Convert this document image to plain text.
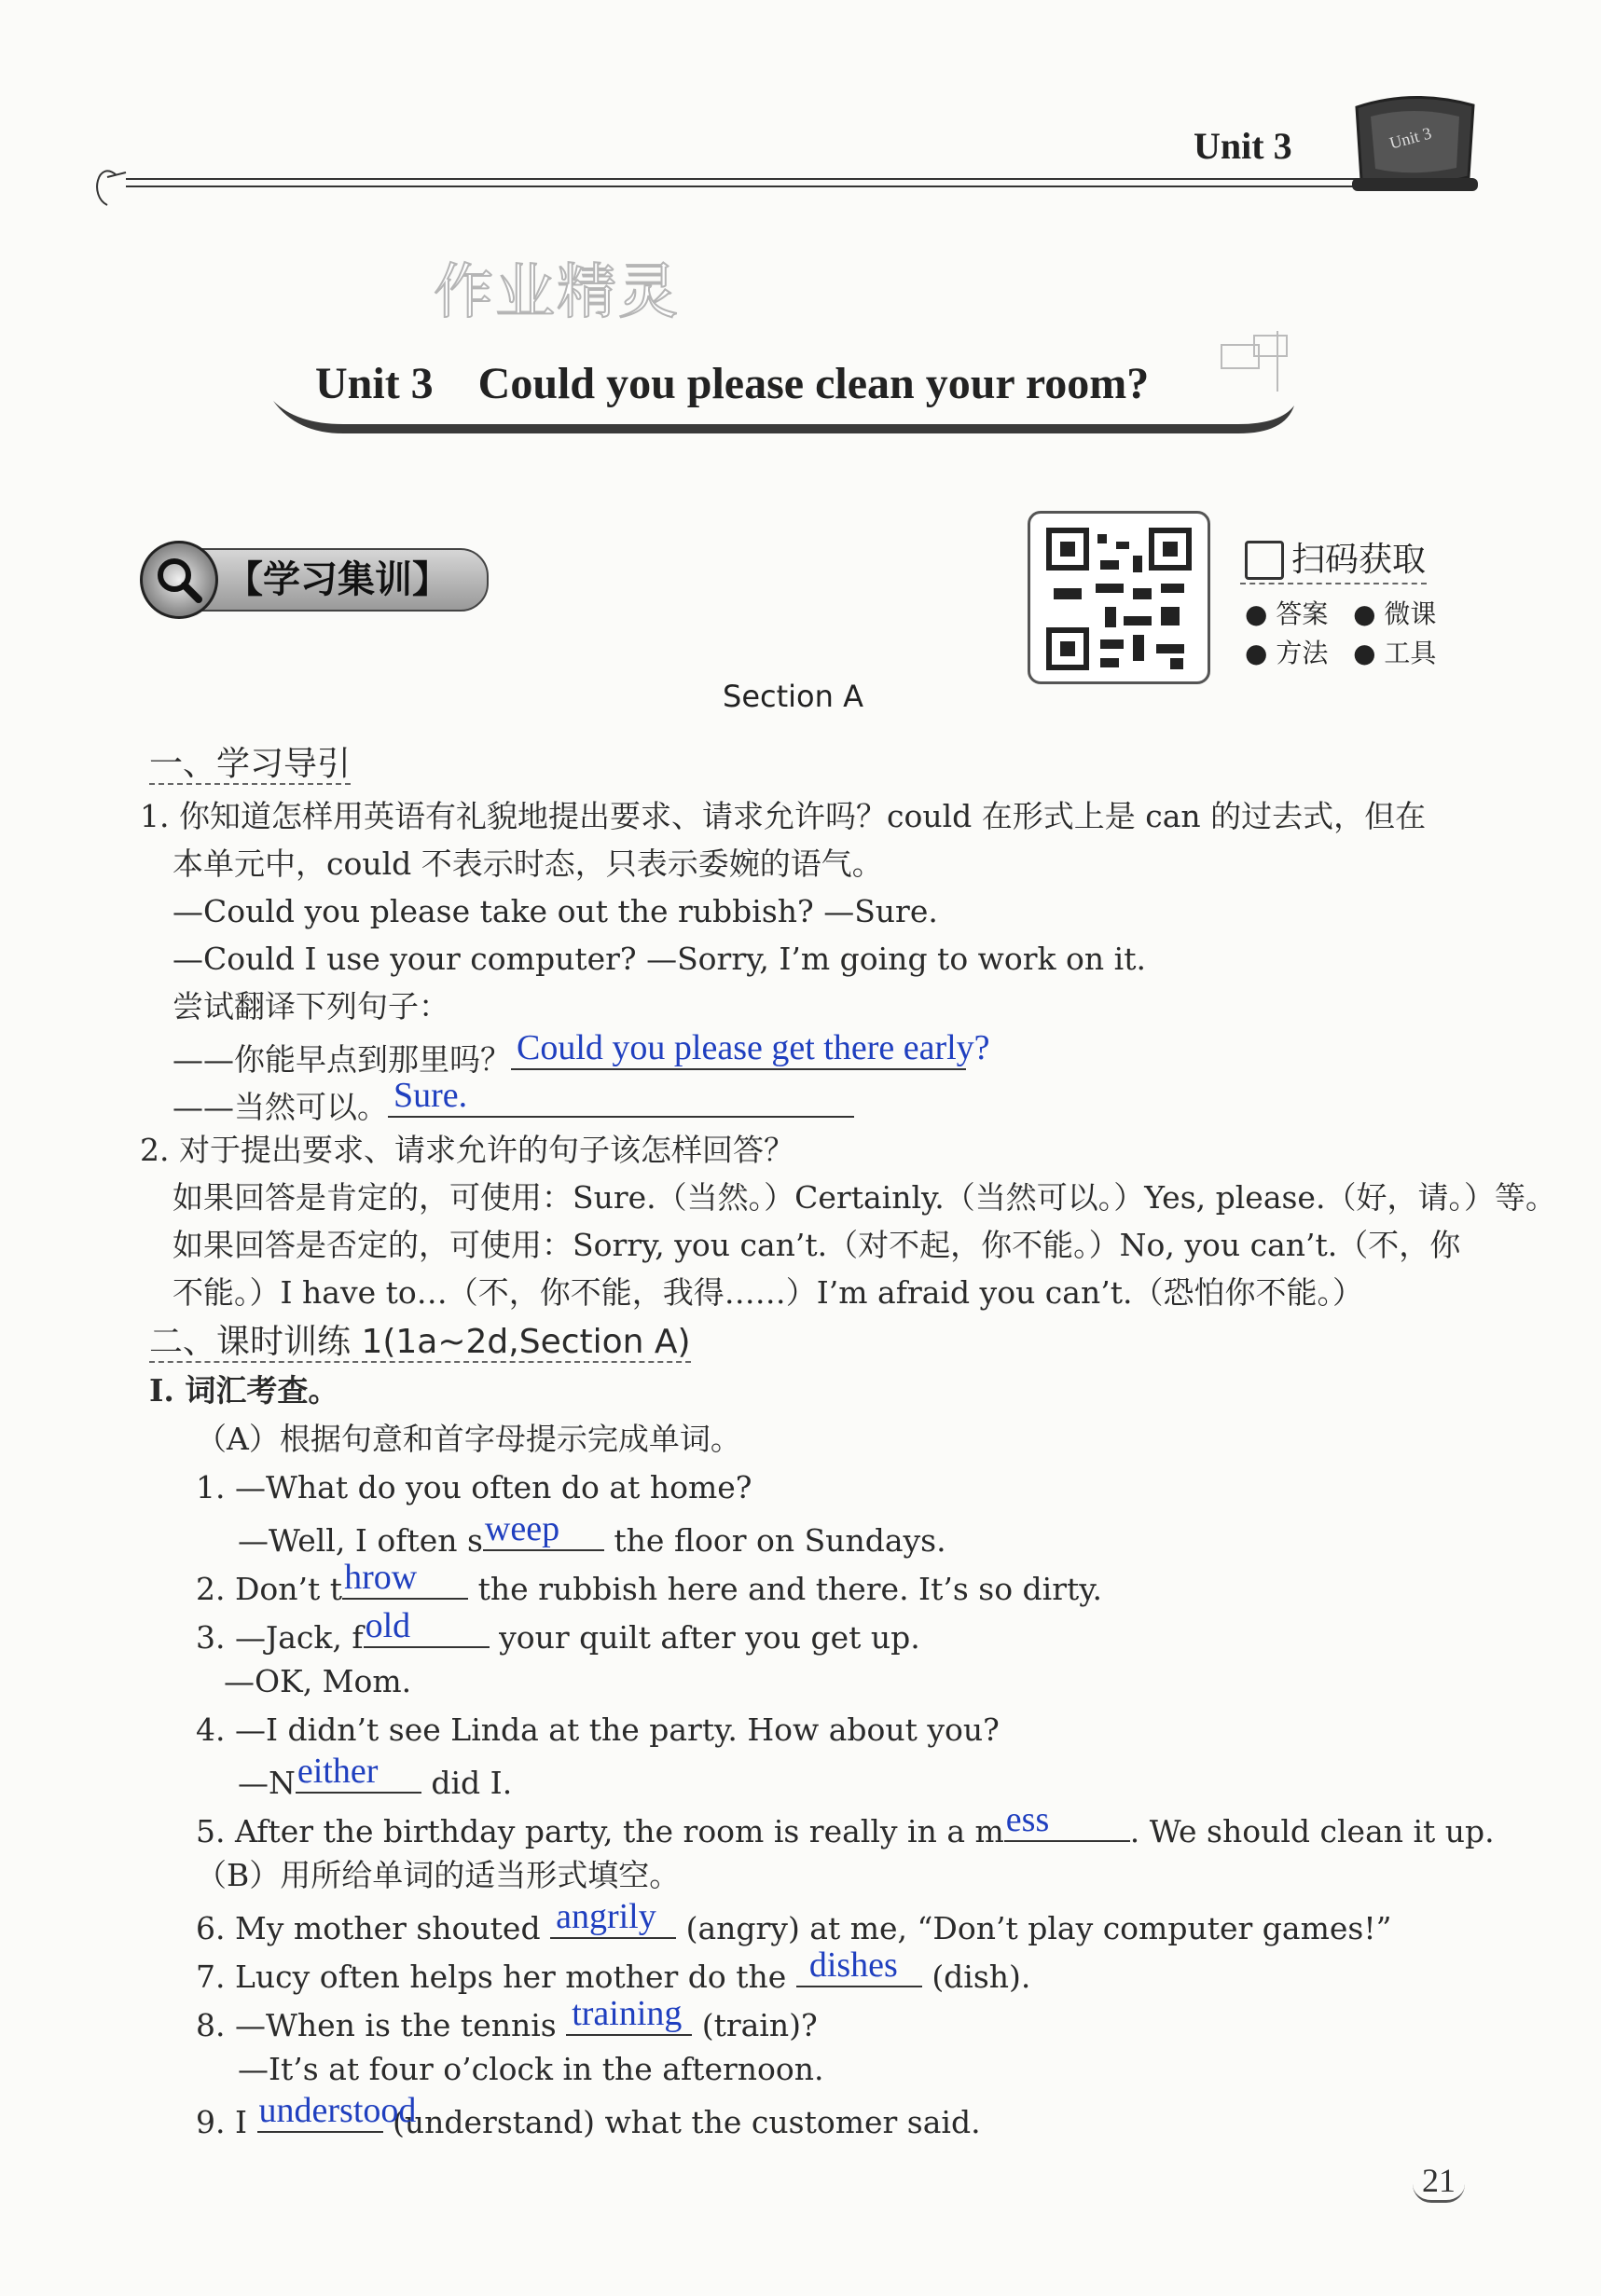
Unit 3	Unit 3
作业精灵
Unit 3    Could you please clean your room?
【学习集训】	扫码获取
● 答案 ● 微课
● 方法 ● 工具
Section A
一、学习导引
1. 你知道怎样用英语有礼貌地提出要求、请求允许吗？could 在形式上是 can 的过去式，但在
本单元中，could 不表示时态，只表示委婉的语气。
—Could you please take out the rubbish? —Sure.
—Could I use your computer? —Sorry, I’m going to work on it.
尝试翻译下列句子：
——你能早点到那里吗？ Could you please get there early?
——当然可以。 Sure.
2. 对于提出要求、请求允许的句子该怎样回答？
如果回答是肯定的，可使用：Sure.（当然。）Certainly.（当然可以。）Yes, please.（好，请。）等。
如果回答是否定的，可使用：Sorry, you can’t.（对不起，你不能。）No, you can’t.（不，你
不能。）I have to…（不，你不能，我得……）I’m afraid you can’t.（恐怕你不能。）
二、课时训练 1(1a~2d,Section A)
Ⅰ. 词汇考查。
（A）根据句意和首字母提示完成单词。
1. —What do you often do at home?
—Well, I often s weep the floor on Sundays.
2. Don’t t hrow the rubbish here and there. It’s so dirty.
3. —Jack, f old	your quilt after you get up.
—OK, Mom.
4. —I didn’t see Linda at the party. How about you?
—N either did I.
5. After the birthday party, the room is really in a m ess	. We should clean it up.
（B）用所给单词的适当形式填空。
6. My mother shouted angrily (angry) at me, “Don’t play computer games!”
7. Lucy often helps her mother do the dishes (dish).
8. —When is the tennis training (train)?
—It’s at four o’clock in the afternoon.
9. I understood
(understand) what the customer said.
21
